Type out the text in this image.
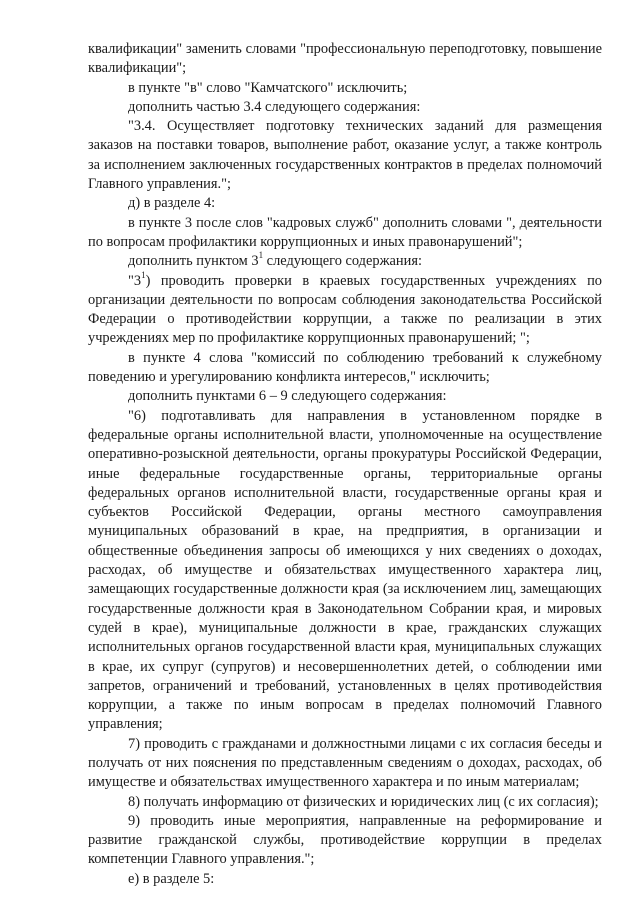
квалификации" заменить словами "профессиональную переподготовку, повышение квалификации";

в пункте "в" слово "Камчатского" исключить;

дополнить частью 3.4 следующего содержания:

"3.4. Осуществляет подготовку технических заданий для размещения заказов на поставки товаров, выполнение работ, оказание услуг, а также контроль за исполнением заключенных государственных контрактов в пределах полномочий Главного управления.";

д) в разделе 4:

в пункте 3 после слов "кадровых служб" дополнить словами ", деятельности по вопросам профилактики коррупционных и иных правонарушений";

дополнить пунктом $3^1$ следующего содержания:

"$3^1$) проводить проверки в краевых государственных учреждениях по организации деятельности по вопросам соблюдения законодательства Российской Федерации о противодействии коррупции, а также по реализации в этих учреждениях мер по профилактике коррупционных правонарушений; ";

в пункте 4 слова "комиссий по соблюдению требований к служебному поведению и урегулированию конфликта интересов," исключить;

дополнить пунктами 6 – 9 следующего содержания:

"6) подготавливать для направления в установленном порядке в федеральные органы исполнительной власти, уполномоченные на осуществление оперативно-розыскной деятельности, органы прокуратуры Российской Федерации, иные федеральные государственные органы, территориальные органы федеральных органов исполнительной власти, государственные органы края и субъектов Российской Федерации, органы местного самоуправления муниципальных образований в крае, на предприятия, в организации и общественные объединения запросы об имеющихся у них сведениях о доходах, расходах, об имуществе и обязательствах имущественного характера лиц, замещающих государственные должности края (за исключением лиц, замещающих государственные должности края в Законодательном Собрании края, и мировых судей в крае), муниципальные должности в крае, гражданских служащих исполнительных органов государственной власти края, муниципальных служащих в крае, их супруг (супругов) и несовершеннолетних детей, о соблюдении ими запретов, ограничений и требований, установленных в целях противодействия коррупции, а также по иным вопросам в пределах полномочий Главного управления;

7) проводить с гражданами и должностными лицами с их согласия беседы и получать от них пояснения по представленным сведениям о доходах, расходах, об имуществе и обязательствах имущественного характера и по иным материалам;

8) получать информацию от физических и юридических лиц (с их согласия);

9) проводить иные мероприятия, направленные на реформирование и развитие гражданской службы, противодействие коррупции в пределах компетенции Главного управления.";

е) в разделе 5:
